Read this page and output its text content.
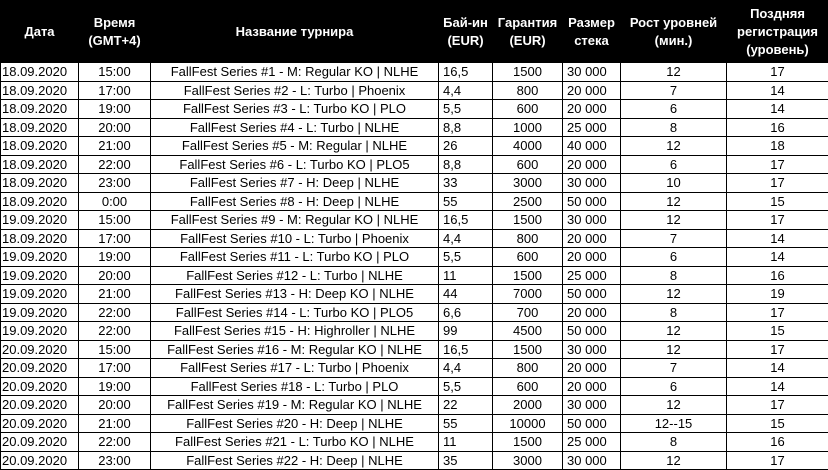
Дата	Время (GMT+4)	Название турнира	Бай-ин (EUR)	Гарантия (EUR)	Размер стека	Рост уровней (мин.)	Поздняя регистрация (уровень)
18.09.2020	15:00	FallFest Series #1 - M: Regular KO | NLHE	16,5	1500	30 000	12	17
18.09.2020	17:00	FallFest Series #2 - L: Turbo | Phoenix	4,4	800	20 000	7	14
18.09.2020	19:00	FallFest Series #3 - L: Turbo KO | PLO	5,5	600	20 000	6	14
18.09.2020	20:00	FallFest Series #4 - L: Turbo | NLHE	8,8	1000	25 000	8	16
18.09.2020	21:00	FallFest Series #5 - M: Regular | NLHE	26	4000	40 000	12	18
18.09.2020	22:00	FallFest Series #6 - L: Turbo KO | PLO5	8,8	600	20 000	6	17
18.09.2020	23:00	FallFest Series #7 - H: Deep | NLHE	33	3000	30 000	10	17
18.09.2020	0:00	FallFest Series #8 - H: Deep | NLHE	55	2500	50 000	12	15
19.09.2020	15:00	FallFest Series #9 - M: Regular KO | NLHE	16,5	1500	30 000	12	17
18.09.2020	17:00	FallFest Series #10 - L: Turbo | Phoenix	4,4	800	20 000	7	14
19.09.2020	19:00	FallFest Series #11 - L: Turbo KO | PLO	5,5	600	20 000	6	14
19.09.2020	20:00	FallFest Series #12 - L: Turbo | NLHE	11	1500	25 000	8	16
19.09.2020	21:00	FallFest Series #13 - H: Deep KO | NLHE	44	7000	50 000	12	19
19.09.2020	22:00	FallFest Series #14 - L: Turbo KO | PLO5	6,6	700	20 000	8	17
19.09.2020	22:00	FallFest Series #15 - H: Highroller | NLHE	99	4500	50 000	12	15
20.09.2020	15:00	FallFest Series #16 - M: Regular KO | NLHE	16,5	1500	30 000	12	17
20.09.2020	17:00	FallFest Series #17 - L: Turbo | Phoenix	4,4	800	20 000	7	14
20.09.2020	19:00	FallFest Series #18 - L: Turbo | PLO	5,5	600	20 000	6	14
20.09.2020	20:00	FallFest Series #19 - M: Regular KO | NLHE	22	2000	30 000	12	17
20.09.2020	21:00	FallFest Series #20 - H: Deep | NLHE	55	10000	50 000	12--15	15
20.09.2020	22:00	FallFest Series #21 - L: Turbo KO | NLHE	11	1500	25 000	8	16
20.09.2020	23:00	FallFest Series #22 - H: Deep | NLHE	35	3000	30 000	12	17
